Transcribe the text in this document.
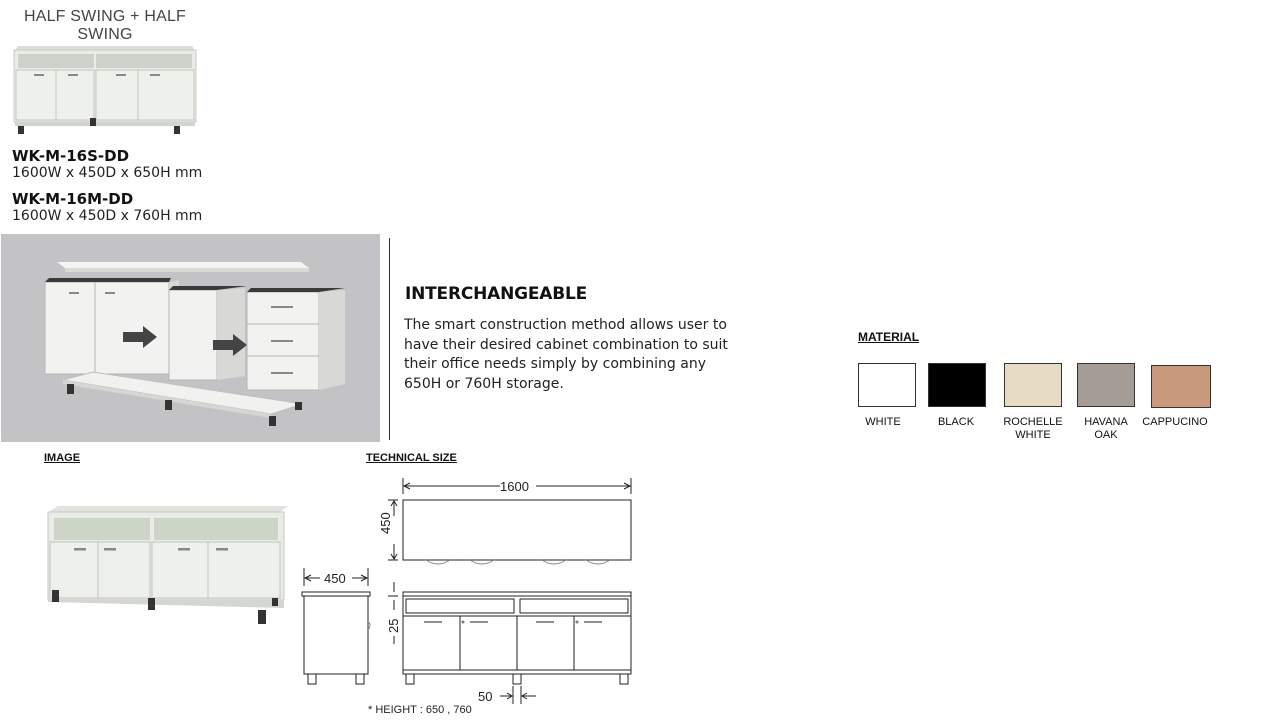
HALF SWING + HALF
SWING
WK-M-16S-DD
1600W x 450D x 650H mm
WK-M-16M-DD
1600W x 450D x 760H mm
INTERCHANGEABLE
The smart construction method allows user to have their desired cabinet combination to suit their office needs simply by combining any 650H or 760H storage.
IMAGE	TECHNICAL SIZE
1600
450
450
25
50
* HEIGHT : 650 , 760
MATERIAL
WHITE	BLACK	ROCHELLE
WHITE
HAVANA
OAK
CAPPUCINO
